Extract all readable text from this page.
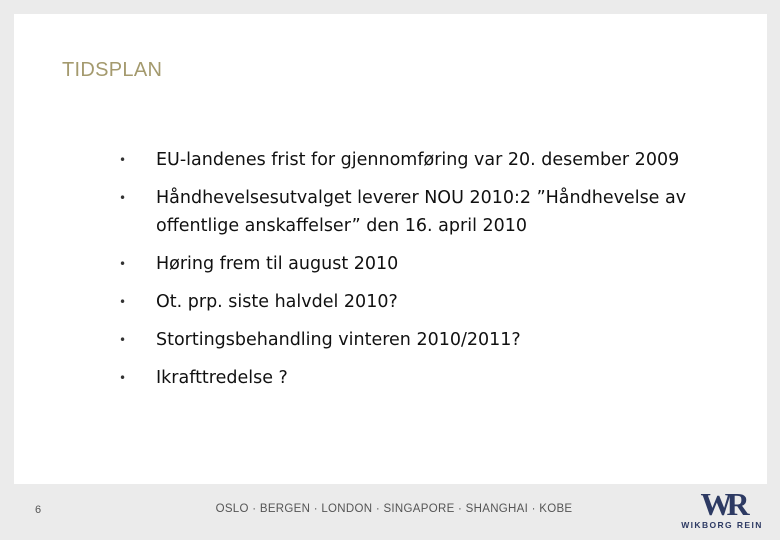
TIDSPLAN
• EU-landenes frist for gjennomføring var 20. desember 2009
• Håndhevelsesutvalget leverer NOU 2010:2 ”Håndhevelse av offentlige anskaffelser” den 16. april 2010
• Høring frem til august 2010
• Ot. prp. siste halvdel 2010?
• Stortingsbehandling vinteren 2010/2011?
• Ikrafttredelse ?
6	OSLO · BERGEN · LONDON · SINGAPORE · SHANGHAI · KOBE	WR
WIKBORG REIN
